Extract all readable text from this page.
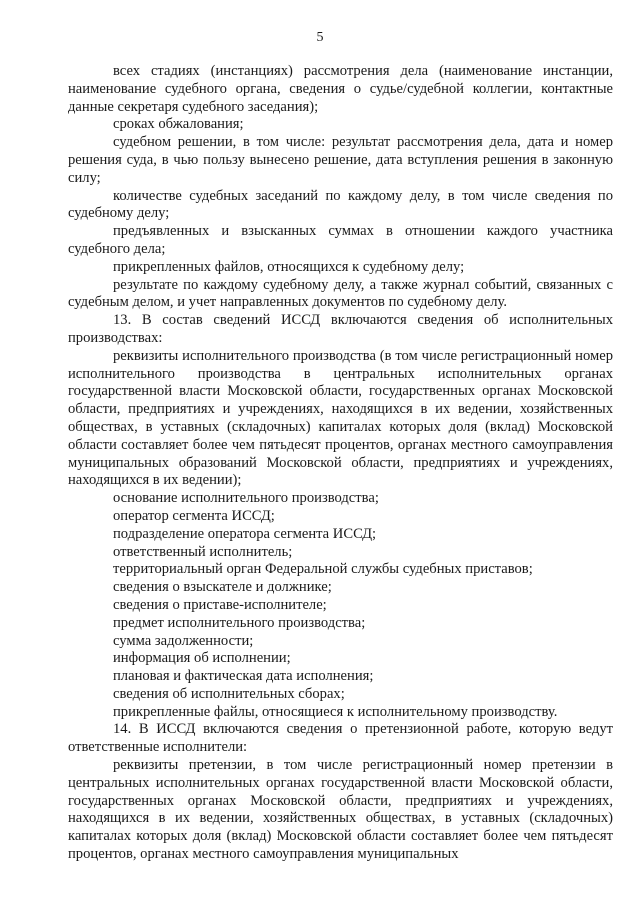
5

всех стадиях (инстанциях) рассмотрения дела (наименование инстанции, наименование судебного органа, сведения о судье/судебной коллегии, контактные данные секретаря судебного заседания);

сроках обжалования;

судебном решении, в том числе: результат рассмотрения дела, дата и номер решения суда, в чью пользу вынесено решение, дата вступления решения в законную силу;

количестве судебных заседаний по каждому делу, в том числе сведения по судебному делу;

предъявленных и взысканных суммах в отношении каждого участника судебного дела;

прикрепленных файлов, относящихся к судебному делу;

результате по каждому судебному делу, а также журнал событий, связанных с судебным делом, и учет направленных документов по судебному делу.

13. В состав сведений ИССД включаются сведения об исполнительных производствах:

реквизиты исполнительного производства (в том числе регистрационный номер исполнительного производства в центральных исполнительных органах государственной власти Московской области, государственных органах Московской области, предприятиях и учреждениях, находящихся в их ведении, хозяйственных обществах, в уставных (складочных) капиталах которых доля (вклад) Московской области составляет более чем пятьдесят процентов, органах местного самоуправления муниципальных образований Московской области, предприятиях и учреждениях, находящихся в их ведении);

основание исполнительного производства;

оператор сегмента ИССД;

подразделение оператора сегмента ИССД;

ответственный исполнитель;

территориальный орган Федеральной службы судебных приставов;

сведения о взыскателе и должнике;

сведения о приставе-исполнителе;

предмет исполнительного производства;

сумма задолженности;

информация об исполнении;

плановая и фактическая дата исполнения;

сведения об исполнительных сборах;

прикрепленные файлы, относящиеся к исполнительному производству.

14. В ИССД включаются сведения о претензионной работе, которую ведут ответственные исполнители:

реквизиты претензии, в том числе регистрационный номер претензии в центральных исполнительных органах государственной власти Московской области, государственных органах Московской области, предприятиях и учреждениях, находящихся в их ведении, хозяйственных обществах, в уставных (складочных) капиталах которых доля (вклад) Московской области составляет более чем пятьдесят процентов, органах местного самоуправления муниципальных
